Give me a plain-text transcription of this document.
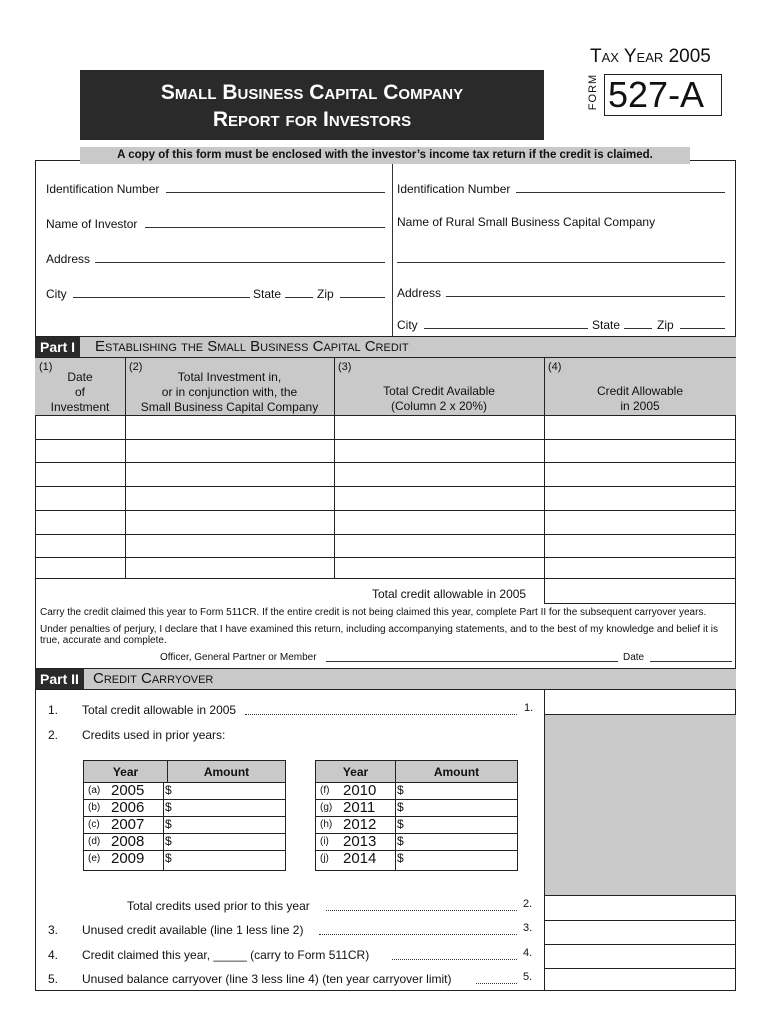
Tax Year 2005
FORM 527-A
Small Business Capital Company
Report for Investors
A copy of this form must be enclosed with the investor’s income tax return if the credit is claimed.
Identification Number
Name of Investor
Address
City	State	Zip
Identification Number
Name of Rural Small Business Capital Company
Address
City	State	Zip
Part I	Establishing the Small Business Capital Credit
(1)
Date
of
Investment
(2)
Total Investment in,
or in conjunction with, the
Small Business Capital Company
(3)
Total Credit Available
(Column 2 x 20%)
(4)
Credit Allowable
in 2005
Total credit allowable in 2005
Carry the credit claimed this year to Form 511CR. If the entire credit is not being claimed this year, complete Part II for the subsequent carryover years.
Under penalties of perjury, I declare that I have examined this return, including accompanying statements, and to the best of my knowledge and belief it is true, accurate and complete.
Officer, General Partner or Member	Date
Part II Credit Carryover
1. Total credit allowable in 2005	1.
2. Credits used in prior years:
Year	Amount
(a) 2005 $
(b) 2006 $
(c) 2007 $
(d) 2008 $
(e) 2009 $
Year	Amount
(f) 2010 $
(g) 2011 $
(h) 2012 $
(i) 2013 $
(j) 2014 $
Total credits used prior to this year	2.
3. Unused credit available (line 1 less line 2)	3.
4. Credit claimed this year, _____ (carry to Form 511CR)	4.
5. Unused balance carryover (line 3 less line 4) (ten year carryover limit)	5.
